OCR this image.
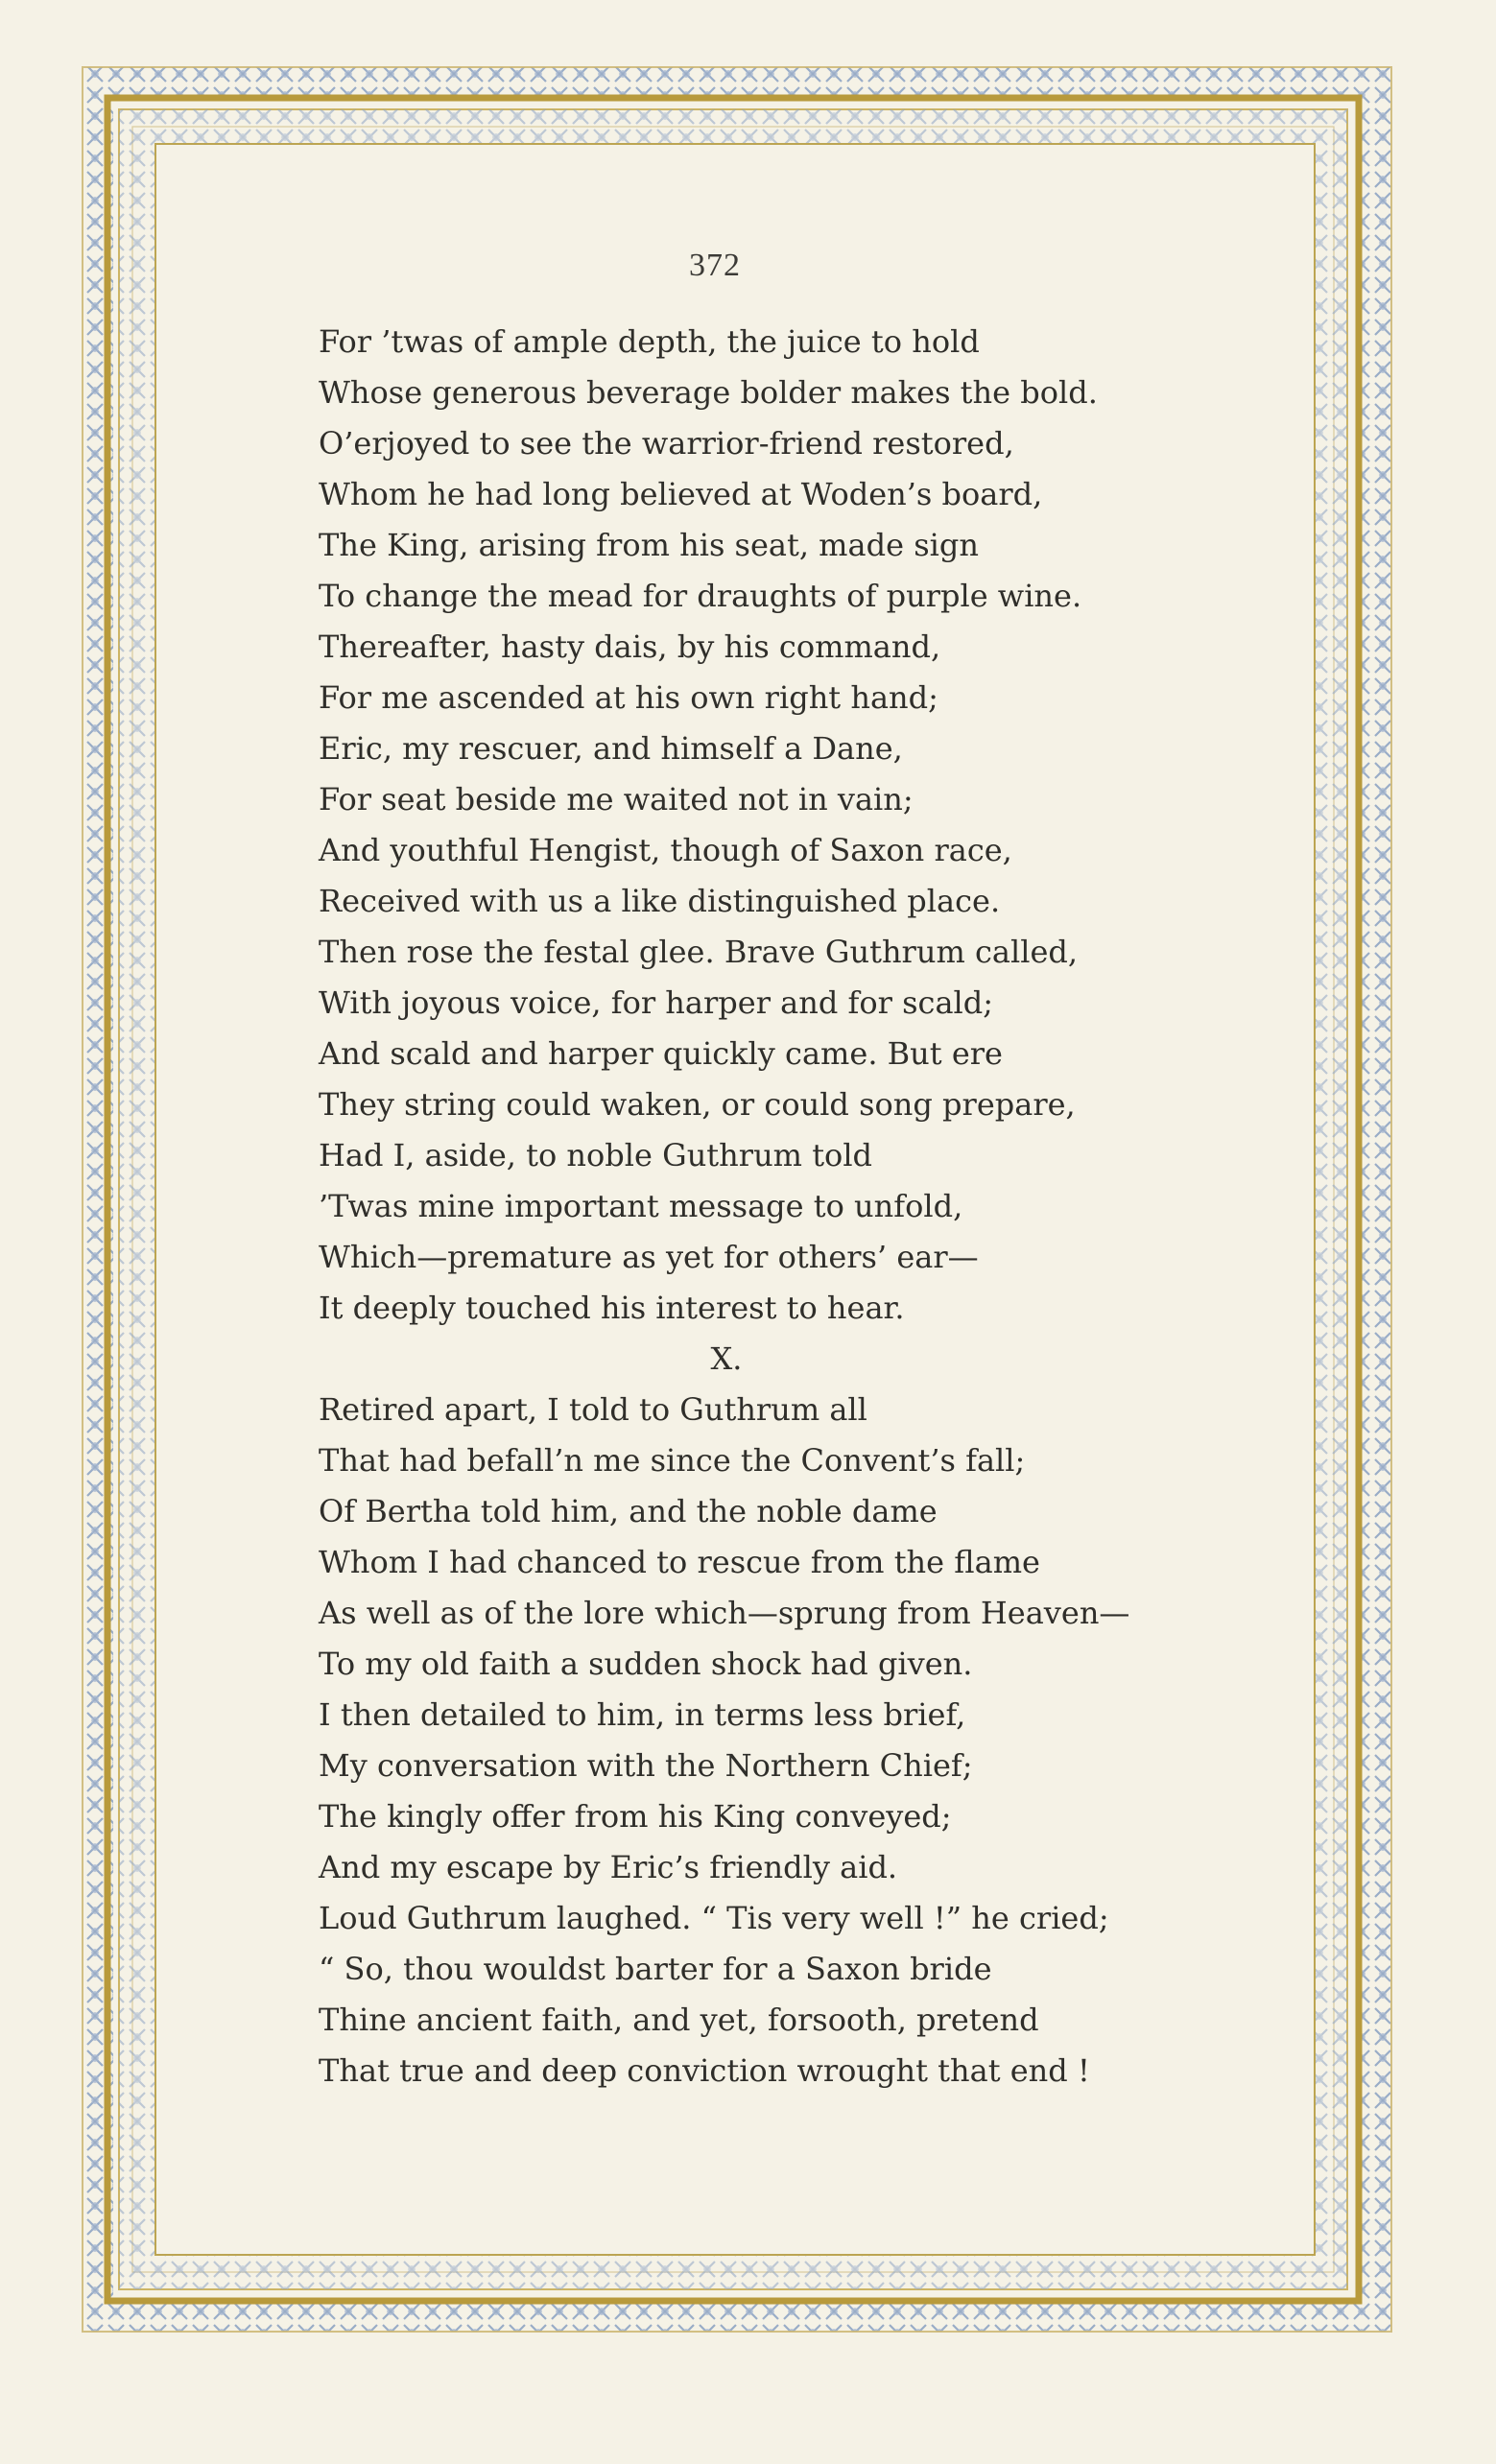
372
For ’twas of ample depth, the juice to hold
Whose generous beverage bolder makes the bold.
O’erjoyed to see the warrior-friend restored,
Whom he had long believed at Woden’s board,
The King, arising from his seat, made sign
To change the mead for draughts of purple wine.
Thereafter, hasty dais, by his command,
For me ascended at his own right hand;
Eric, my rescuer, and himself a Dane,
For seat beside me waited not in vain;
And youthful Hengist, though of Saxon race,
Received with us a like distinguished place.
Then rose the festal glee. Brave Guthrum called,
With joyous voice, for harper and for scald;
And scald and harper quickly came. But ere
They string could waken, or could song prepare,
Had I, aside, to noble Guthrum told
’Twas mine important message to unfold,
Which—premature as yet for others’ ear—
It deeply touched his interest to hear.
X.
Retired apart, I told to Guthrum all
That had befall’n me since the Convent’s fall;
Of Bertha told him, and the noble dame
Whom I had chanced to rescue from the flame
As well as of the lore which—sprung from Heaven—
To my old faith a sudden shock had given.
I then detailed to him, in terms less brief,
My conversation with the Northern Chief;
The kingly offer from his King conveyed;
And my escape by Eric’s friendly aid.
Loud Guthrum laughed. “ Tis very well !” he cried;
“ So, thou wouldst barter for a Saxon bride
Thine ancient faith, and yet, forsooth, pretend
That true and deep conviction wrought that end !
